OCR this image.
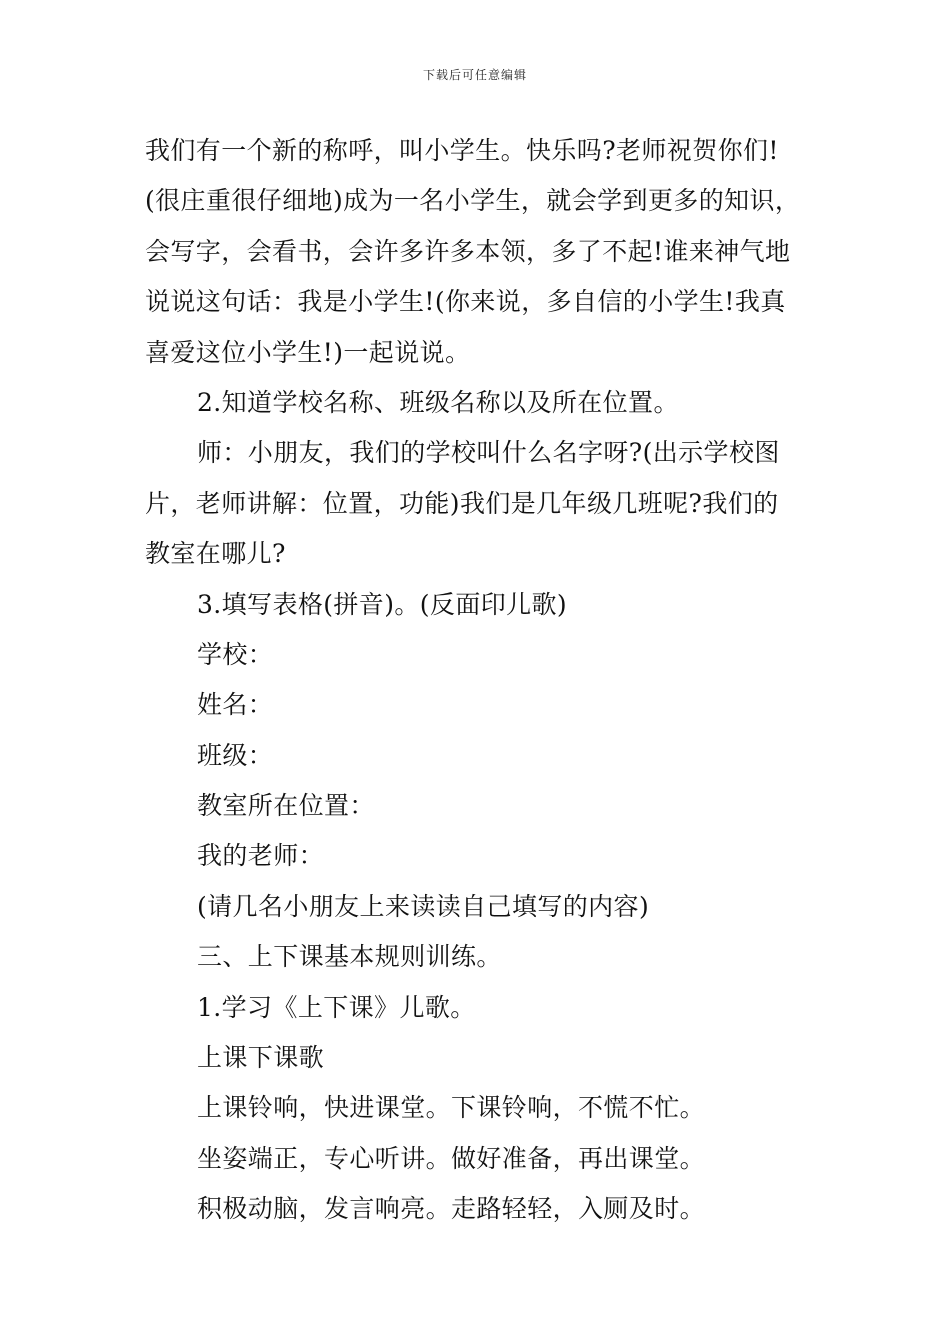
下载后可任意编辑
我们有一个新的称呼，叫小学生。快乐吗?老师祝贺你们!
(很庄重很仔细地)成为一名小学生，就会学到更多的知识，
会写字，会看书，会许多许多本领，多了不起!谁来神气地
说说这句话：我是小学生!(你来说，多自信的小学生!我真
喜爱这位小学生!)一起说说。
2.知道学校名称、班级名称以及所在位置。
师：小朋友，我们的学校叫什么名字呀?(出示学校图
片，老师讲解：位置，功能)我们是几年级几班呢?我们的
教室在哪儿?
3.填写表格(拼音)。(反面印儿歌)
学校：
姓名：
班级：
教室所在位置：
我的老师：
(请几名小朋友上来读读自己填写的内容)
三、上下课基本规则训练。
1.学习《上下课》儿歌。
上课下课歌
上课铃响，快进课堂。下课铃响，不慌不忙。
坐姿端正，专心听讲。做好准备，再出课堂。
积极动脑，发言响亮。走路轻轻，入厕及时。
